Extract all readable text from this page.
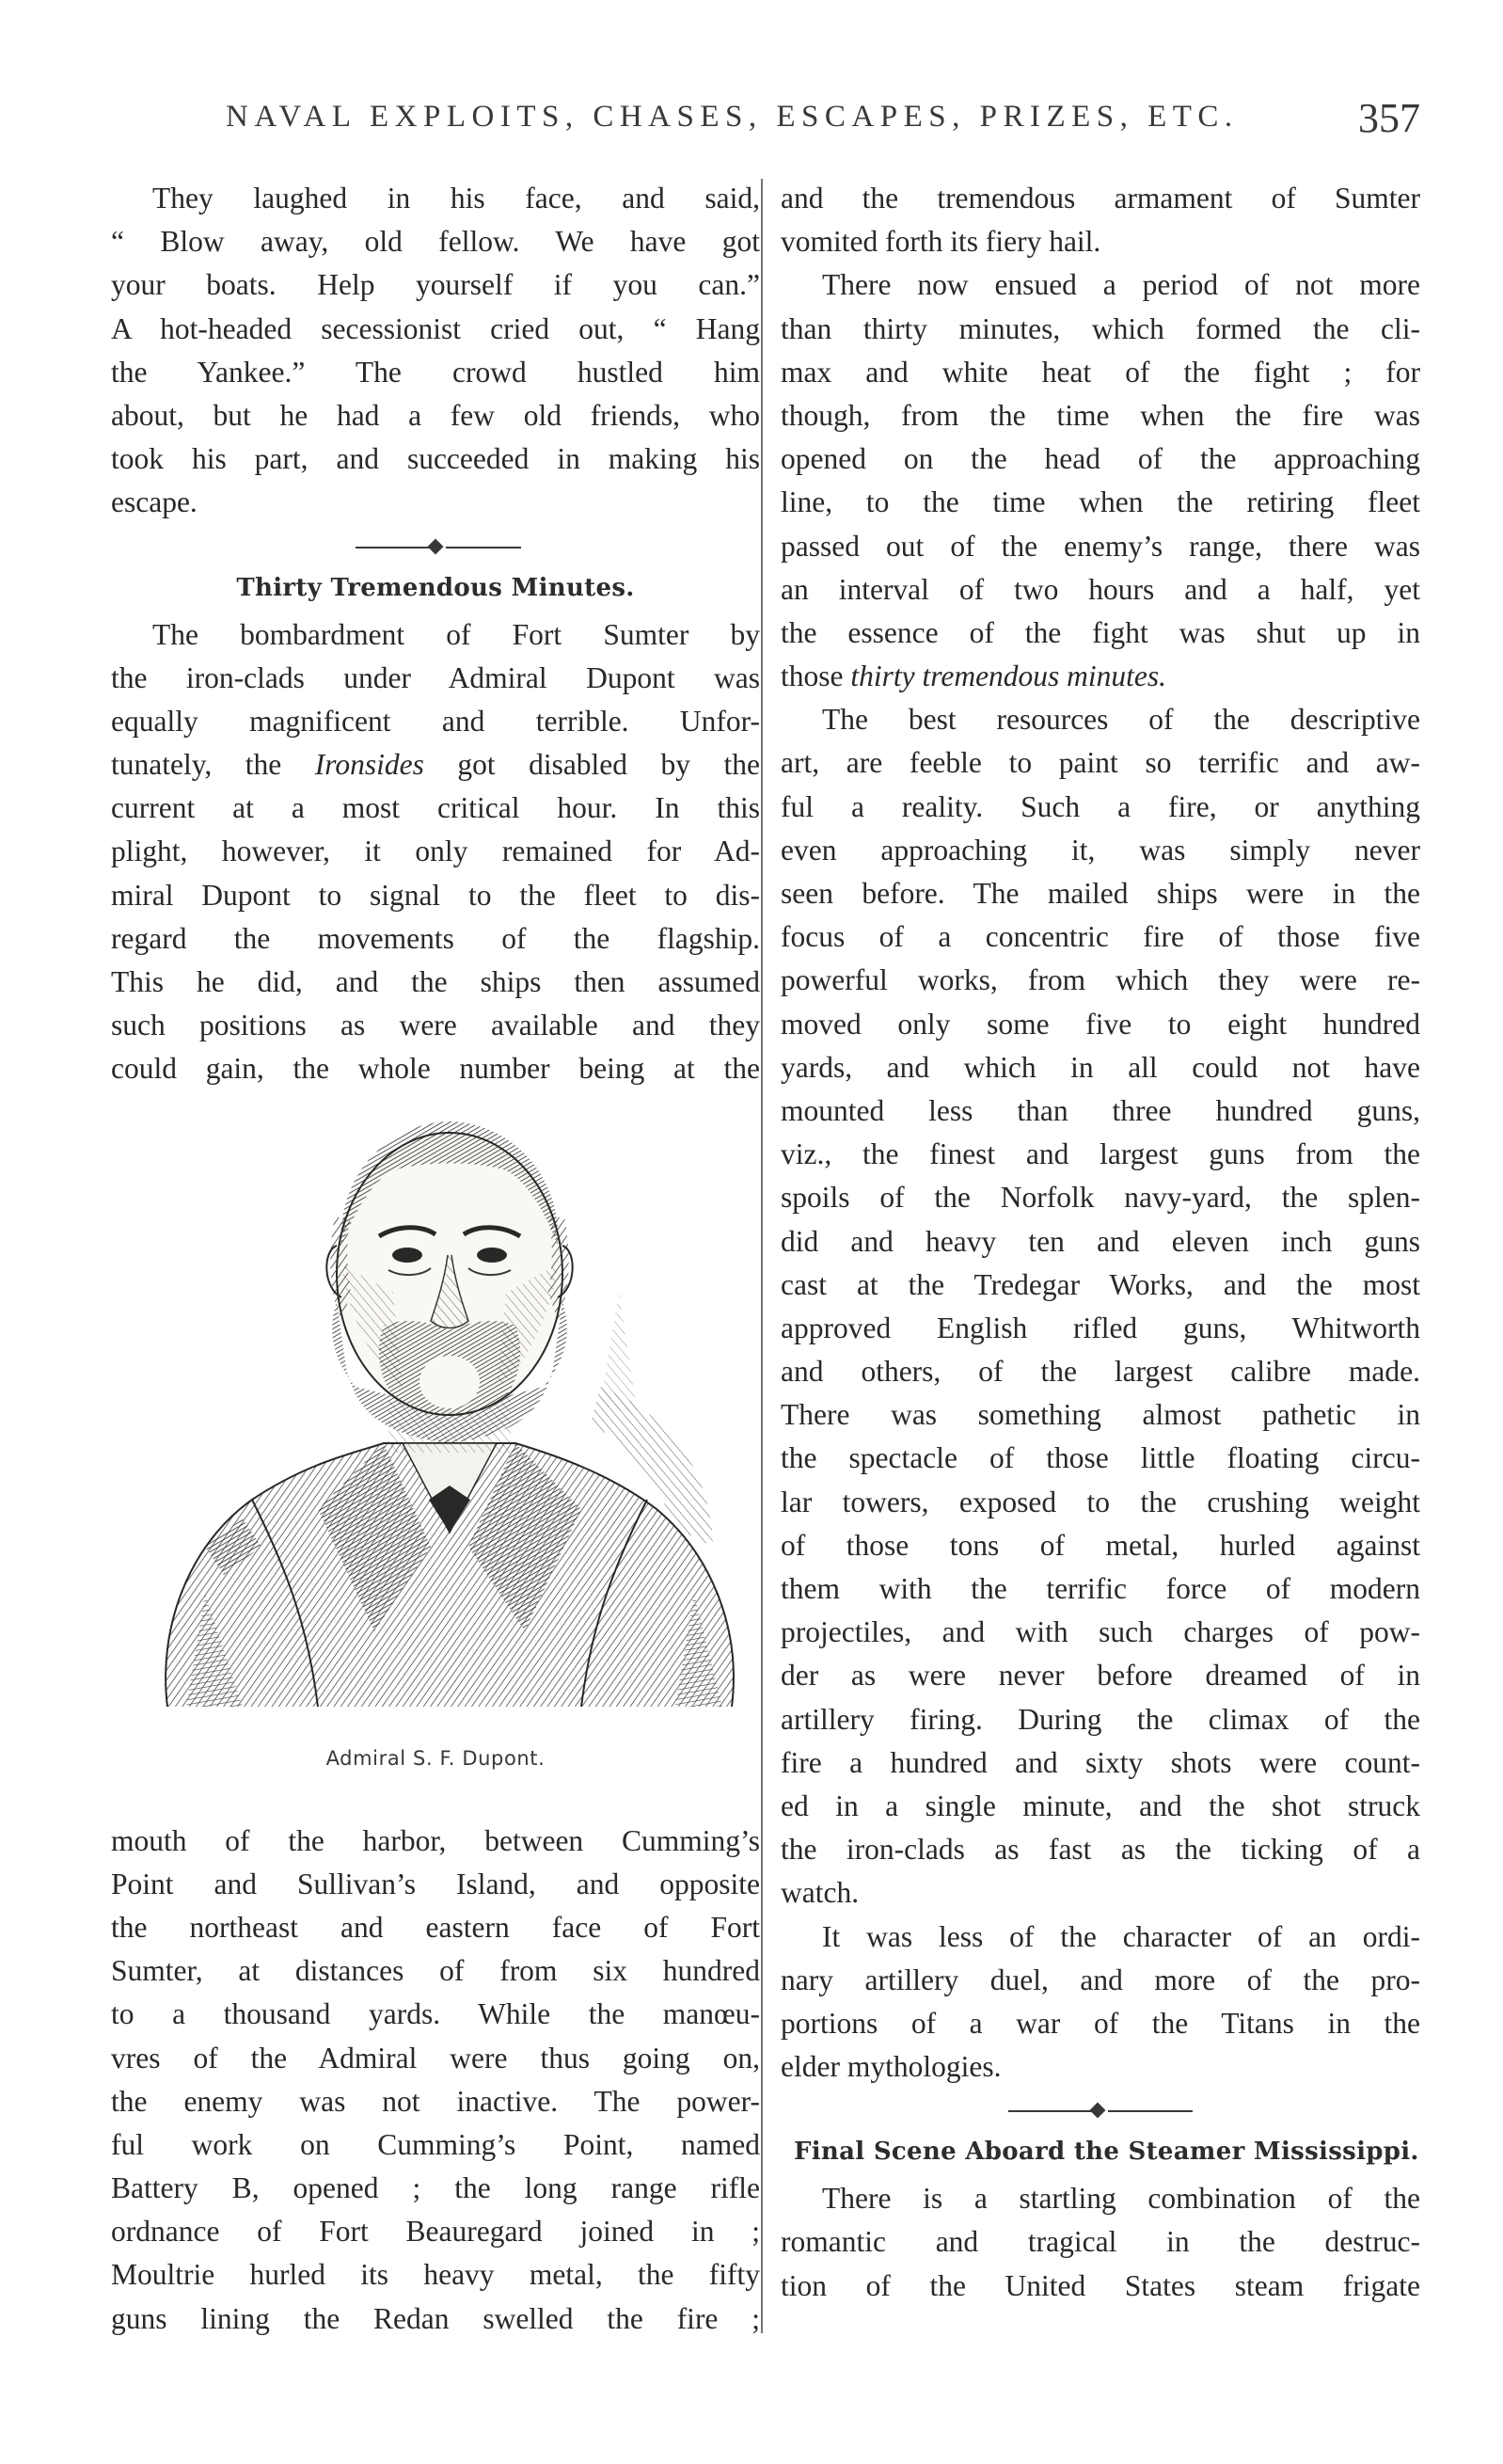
NAVAL EXPLOITS, CHASES, ESCAPES, PRIZES, ETC.	357
They laughed in his face, and said,
“ Blow away, old fellow. We have got
your boats. Help yourself if you can.”
A hot-headed secessionist cried out, “ Hang
the Yankee.” The crowd hustled him
about, but he had a few old friends, who
took his part, and succeeded in making his
escape.
Thirty Tremendous Minutes.
The bombardment of Fort Sumter by
the iron-clads under Admiral Dupont was
equally magnificent and terrible. Unfor-
tunately, the Ironsides got disabled by the
current at a most critical hour. In this
plight, however, it only remained for Ad-
miral Dupont to signal to the fleet to dis-
regard the movements of the flagship.
This he did, and the ships then assumed
such positions as were available and they
could gain, the whole number being at the
Admiral S. F. Dupont.
mouth of the harbor, between Cumming’s
Point and Sullivan’s Island, and opposite
the northeast and eastern face of Fort
Sumter, at distances of from six hundred
to a thousand yards. While the manœu-
vres of the Admiral were thus going on,
the enemy was not inactive. The power-
ful work on Cumming’s Point, named
Battery B, opened ; the long range rifle
ordnance of Fort Beauregard joined in ;
Moultrie hurled its heavy metal, the fifty
guns lining the Redan swelled the fire ;
and the tremendous armament of Sumter
vomited forth its fiery hail.
There now ensued a period of not more
than thirty minutes, which formed the cli-
max and white heat of the fight ; for
though, from the time when the fire was
opened on the head of the approaching
line, to the time when the retiring fleet
passed out of the enemy’s range, there was
an interval of two hours and a half, yet
the essence of the fight was shut up in
those thirty tremendous minutes.
The best resources of the descriptive
art, are feeble to paint so terrific and aw-
ful a reality. Such a fire, or anything
even approaching it, was simply never
seen before. The mailed ships were in the
focus of a concentric fire of those five
powerful works, from which they were re-
moved only some five to eight hundred
yards, and which in all could not have
mounted less than three hundred guns,
viz., the finest and largest guns from the
spoils of the Norfolk navy-yard, the splen-
did and heavy ten and eleven inch guns
cast at the Tredegar Works, and the most
approved English rifled guns, Whitworth
and others, of the largest calibre made.
There was something almost pathetic in
the spectacle of those little floating circu-
lar towers, exposed to the crushing weight
of those tons of metal, hurled against
them with the terrific force of modern
projectiles, and with such charges of pow-
der as were never before dreamed of in
artillery firing. During the climax of the
fire a hundred and sixty shots were count-
ed in a single minute, and the shot struck
the iron-clads as fast as the ticking of a
watch.
It was less of the character of an ordi-
nary artillery duel, and more of the pro-
portions of a war of the Titans in the
elder mythologies.
Final Scene Aboard the Steamer Mississippi.
There is a startling combination of the
romantic and tragical in the destruc-
tion of the United States steam frigate
